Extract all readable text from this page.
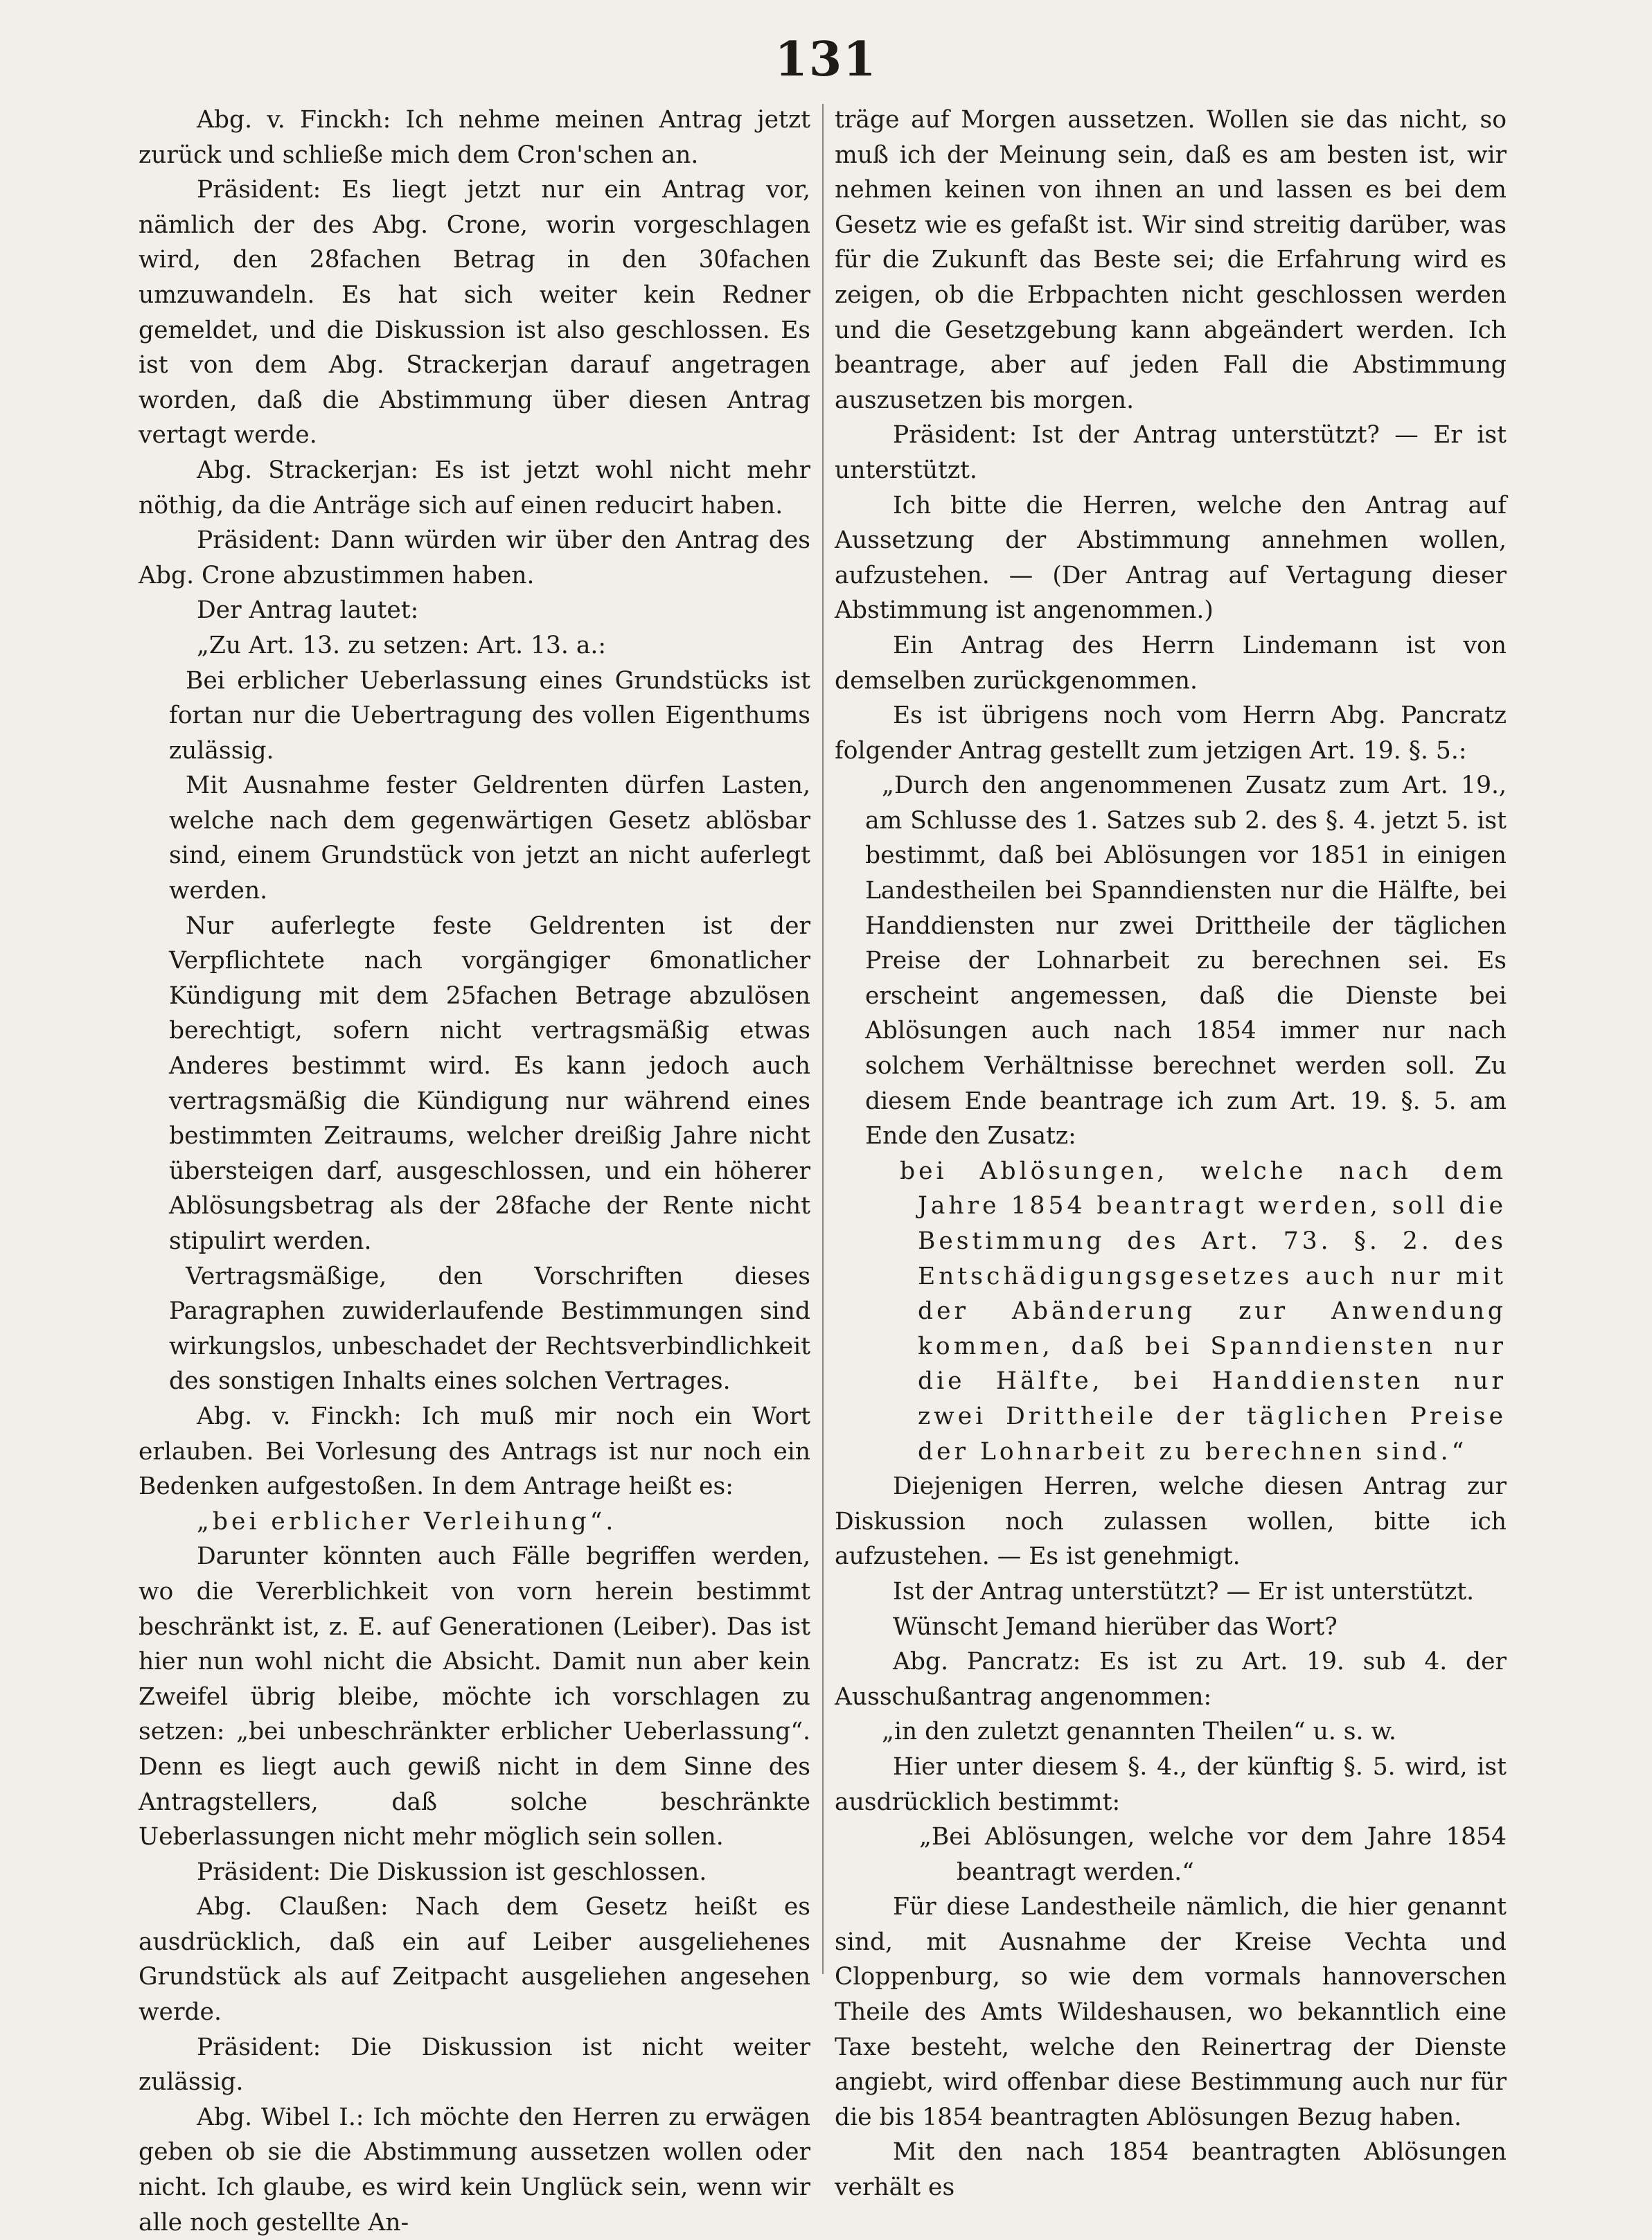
131

Abg. v. Finckh: Ich nehme meinen Antrag jetzt zurück und schließe mich dem Cron'schen an.

Präsident: Es liegt jetzt nur ein Antrag vor, nämlich der des Abg. Crone, worin vorgeschlagen wird, den 28fachen Betrag in den 30fachen umzuwandeln. Es hat sich weiter kein Redner gemeldet, und die Diskussion ist also geschlossen. Es ist von dem Abg. Strackerjan darauf angetragen worden, daß die Abstimmung über diesen Antrag vertagt werde.

Abg. Strackerjan: Es ist jetzt wohl nicht mehr nöthig, da die Anträge sich auf einen reducirt haben.

Präsident: Dann würden wir über den Antrag des Abg. Crone abzustimmen haben.

Der Antrag lautet:

„Zu Art. 13. zu setzen: Art. 13. a.:

Bei erblicher Ueberlassung eines Grundstücks ist fortan nur die Uebertragung des vollen Eigenthums zulässig.

Mit Ausnahme fester Geldrenten dürfen Lasten, welche nach dem gegenwärtigen Gesetz ablösbar sind, einem Grundstück von jetzt an nicht auferlegt werden.

Nur auferlegte feste Geldrenten ist der Verpflichtete nach vorgängiger 6monatlicher Kündigung mit dem 25fachen Betrage abzulösen berechtigt, sofern nicht vertragsmäßig etwas Anderes bestimmt wird. Es kann jedoch auch vertragsmäßig die Kündigung nur während eines bestimmten Zeitraums, welcher dreißig Jahre nicht übersteigen darf, ausgeschlossen, und ein höherer Ablösungsbetrag als der 28fache der Rente nicht stipulirt werden.

Vertragsmäßige, den Vorschriften dieses Paragraphen zuwiderlaufende Bestimmungen sind wirkungslos, unbeschadet der Rechtsverbindlichkeit des sonstigen Inhalts eines solchen Vertrages.

Abg. v. Finckh: Ich muß mir noch ein Wort erlauben. Bei Vorlesung des Antrags ist nur noch ein Bedenken aufgestoßen. In dem Antrage heißt es:

„bei erblicher Verleihung“.

Darunter könnten auch Fälle begriffen werden, wo die Vererblichkeit von vorn herein bestimmt beschränkt ist, z. E. auf Generationen (Leiber). Das ist hier nun wohl nicht die Absicht. Damit nun aber kein Zweifel übrig bleibe, möchte ich vorschlagen zu setzen: „bei unbeschränkter erblicher Ueberlassung“. Denn es liegt auch gewiß nicht in dem Sinne des Antragstellers, daß solche beschränkte Ueberlassungen nicht mehr möglich sein sollen.

Präsident: Die Diskussion ist geschlossen.

Abg. Claußen: Nach dem Gesetz heißt es ausdrücklich, daß ein auf Leiber ausgeliehenes Grundstück als auf Zeitpacht ausgeliehen angesehen werde.

Präsident: Die Diskussion ist nicht weiter zulässig.

Abg. Wibel I.: Ich möchte den Herren zu erwägen geben ob sie die Abstimmung aussetzen wollen oder nicht. Ich glaube, es wird kein Unglück sein, wenn wir alle noch gestellte An-

träge auf Morgen aussetzen. Wollen sie das nicht, so muß ich der Meinung sein, daß es am besten ist, wir nehmen keinen von ihnen an und lassen es bei dem Gesetz wie es gefaßt ist. Wir sind streitig darüber, was für die Zukunft das Beste sei; die Erfahrung wird es zeigen, ob die Erbpachten nicht geschlossen werden und die Gesetzgebung kann abgeändert werden. Ich beantrage, aber auf jeden Fall die Abstimmung auszusetzen bis morgen.

Präsident: Ist der Antrag unterstützt? — Er ist unterstützt.

Ich bitte die Herren, welche den Antrag auf Aussetzung der Abstimmung annehmen wollen, aufzustehen. — (Der Antrag auf Vertagung dieser Abstimmung ist angenommen.)

Ein Antrag des Herrn Lindemann ist von demselben zurückgenommen.

Es ist übrigens noch vom Herrn Abg. Pancratz folgender Antrag gestellt zum jetzigen Art. 19. §. 5.:

„Durch den angenommenen Zusatz zum Art. 19., am Schlusse des 1. Satzes sub 2. des §. 4. jetzt 5. ist bestimmt, daß bei Ablösungen vor 1851 in einigen Landestheilen bei Spanndiensten nur die Hälfte, bei Handdiensten nur zwei Drittheile der täglichen Preise der Lohnarbeit zu berechnen sei. Es erscheint angemessen, daß die Dienste bei Ablösungen auch nach 1854 immer nur nach solchem Verhältnisse berechnet werden soll. Zu diesem Ende beantrage ich zum Art. 19. §. 5. am Ende den Zusatz:

bei Ablösungen, welche nach dem Jahre 1854 beantragt werden, soll die Bestimmung des Art. 73. §. 2. des Entschädigungsgesetzes auch nur mit der Abänderung zur Anwendung kommen, daß bei Spanndiensten nur die Hälfte, bei Handdiensten nur zwei Drittheile der täglichen Preise der Lohnarbeit zu berechnen sind.“

Diejenigen Herren, welche diesen Antrag zur Diskussion noch zulassen wollen, bitte ich aufzustehen. — Es ist genehmigt.

Ist der Antrag unterstützt? — Er ist unterstützt.

Wünscht Jemand hierüber das Wort?

Abg. Pancratz: Es ist zu Art. 19. sub 4. der Ausschußantrag angenommen:

„in den zuletzt genannten Theilen“ u. s. w.

Hier unter diesem §. 4., der künftig §. 5. wird, ist ausdrücklich bestimmt:

„Bei Ablösungen, welche vor dem Jahre 1854 beantragt werden.“

Für diese Landestheile nämlich, die hier genannt sind, mit Ausnahme der Kreise Vechta und Cloppenburg, so wie dem vormals hannoverschen Theile des Amts Wildeshausen, wo bekanntlich eine Taxe besteht, welche den Reinertrag der Dienste angiebt, wird offenbar diese Bestimmung auch nur für die bis 1854 beantragten Ablösungen Bezug haben.

Mit den nach 1854 beantragten Ablösungen verhält es
